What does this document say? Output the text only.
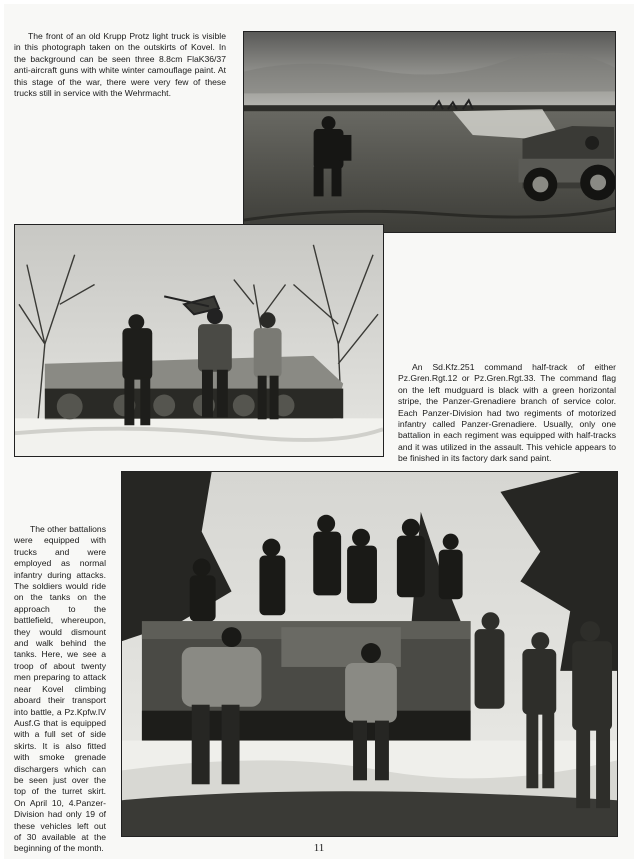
The front of an old Krupp Protz light truck is visible in this photograph taken on the outskirts of Kovel. In the background can be seen three 8.8cm FlaK36/37 anti-aircraft guns with white winter camouflage paint. At this stage of the war, there were very few of these trucks still in service with the Wehrmacht.

An Sd.Kfz.251 command half-track of either Pz.Gren.Rgt.12 or Pz.Gren.Rgt.33. The command flag on the left mudguard is black with a green horizontal stripe, the Panzer-Grenadiere branch of service color. Each Panzer-Division had two regiments of motorized infantry called Panzer-Grenadiere. Usually, only one battalion in each regiment was equipped with half-tracks and it was utilized in the assault. This vehicle appears to be finished in its factory dark sand paint.

The other battalions were equipped with trucks and were employed as normal infantry during attacks. The soldiers would ride on the tanks on the approach to the battlefield, whereupon, they would dismount and walk behind the tanks. Here, we see a troop of about twenty men preparing to attack near Kovel climbing aboard their transport into battle, a Pz.Kpfw.IV Ausf.G that is equipped with a full set of side skirts. It is also fitted with smoke grenade dischargers which can be seen just over the top of the turret skirt. On April 10, 4.Panzer-Division had only 19 of these vehicles left out of 30 available at the beginning of the month.	11
